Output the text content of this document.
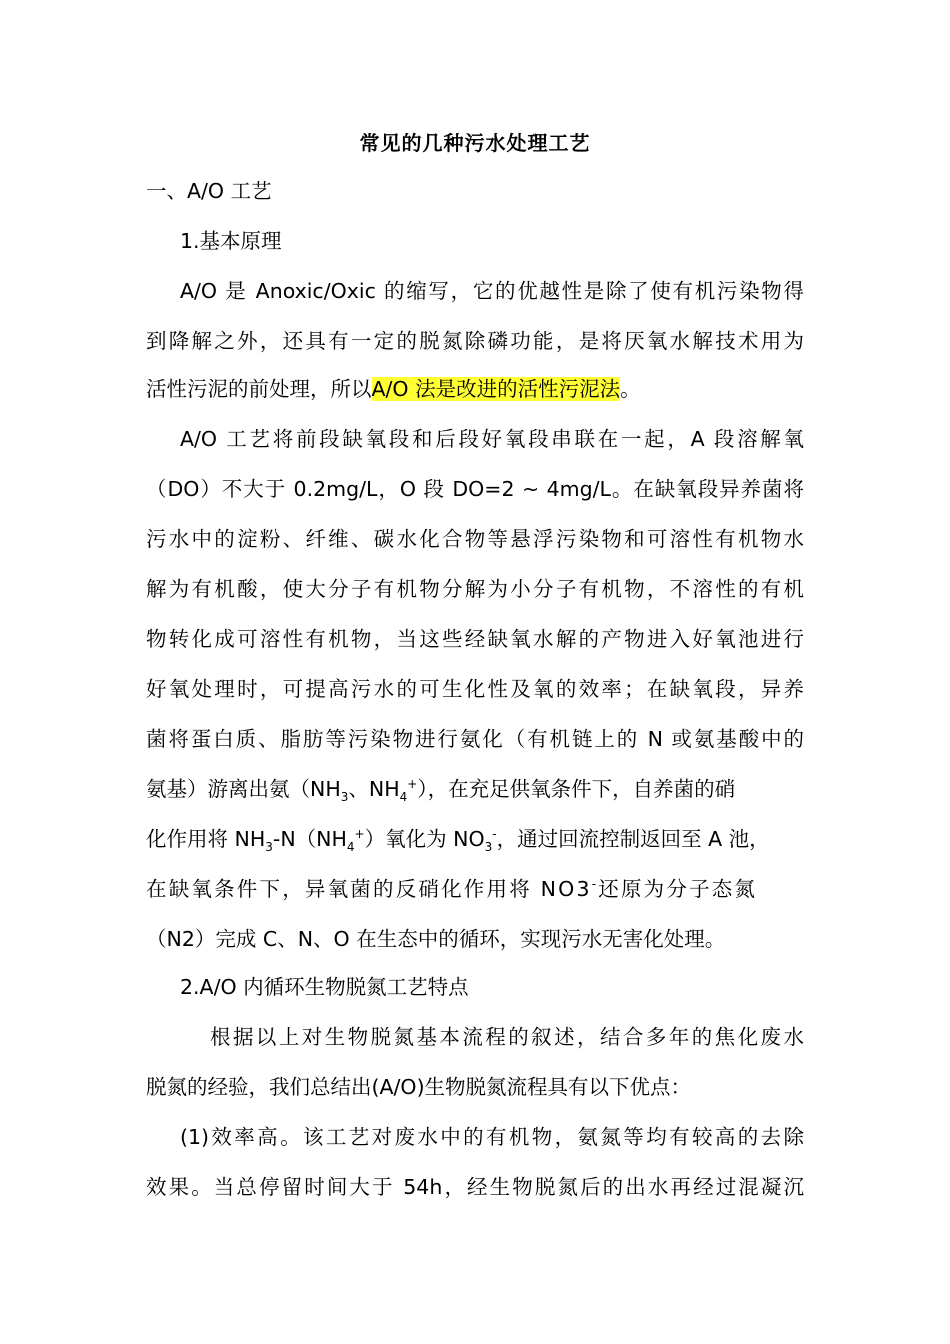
常见的几种污水处理工艺
一、A/O 工艺
1.基本原理
A/O 是 Anoxic/Oxic 的缩写，它的优越性是除了使有机污染物得
到降解之外，还具有一定的脱氮除磷功能，是将厌氧水解技术用为
活性污泥的前处理，所以A/O 法是改进的活性污泥法。
A/O 工艺将前段缺氧段和后段好氧段串联在一起，A 段溶解氧
（DO）不大于 0.2mg/L，O 段 DO=2 ~ 4mg/L。在缺氧段异养菌将
污水中的淀粉、纤维、碳水化合物等悬浮污染物和可溶性有机物水
解为有机酸，使大分子有机物分解为小分子有机物，不溶性的有机
物转化成可溶性有机物，当这些经缺氧水解的产物进入好氧池进行
好氧处理时，可提高污水的可生化性及氧的效率；在缺氧段，异养
菌将蛋白质、脂肪等污染物进行氨化（有机链上的 N 或氨基酸中的
氨基）游离出氨（$NH_3$、$NH_4^+$），在充足供氧条件下，自养菌的硝
化作用将 $NH_3-N(NH_4^+)$氧化为 $NO_3^-$，通过回流控制返回至 A 池，
在缺氧条件下，异氧菌的反硝化作用将 NO3-还原为分子态氮
（N2）完成 C、N、O 在生态中的循环，实现污水无害化处理。
2.A/O 内循环生物脱氮工艺特点
根据以上对生物脱氮基本流程的叙述，结合多年的焦化废水
脱氮的经验，我们总结出(A/O)生物脱氮流程具有以下优点：
(1)效率高。该工艺对废水中的有机物，氨氮等均有较高的去除
效果。当总停留时间大于 54h，经生物脱氮后的出水再经过混凝沉
